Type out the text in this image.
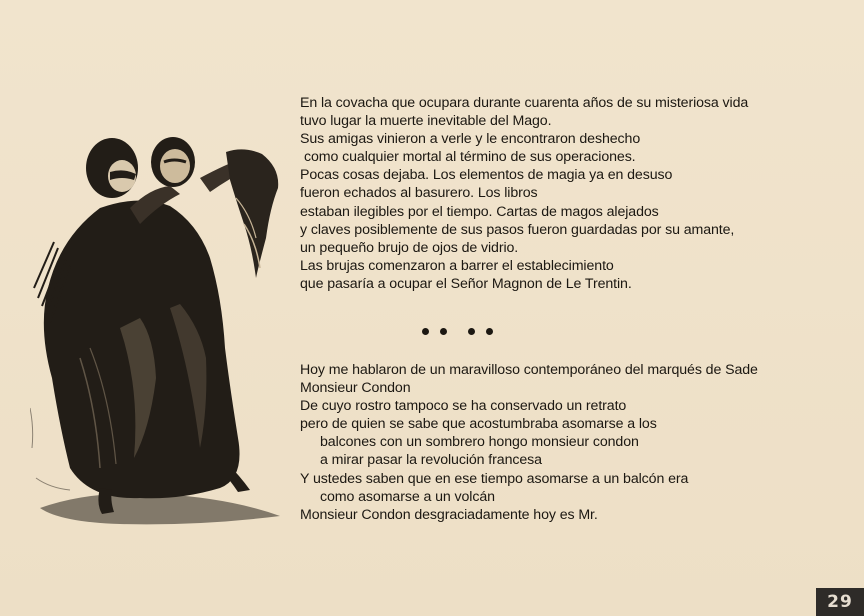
En la covacha que ocupara durante cuarenta años de su misteriosa vida
tuvo lugar la muerte inevitable del Mago.
Sus amigas vinieron a verle y le encontraron deshecho
como cualquier mortal al término de sus operaciones.
Pocas cosas dejaba. Los elementos de magia ya en desuso
fueron echados al basurero. Los libros
estaban ilegibles por el tiempo. Cartas de magos alejados
y claves posiblemente de sus pasos fueron guardadas por su amante,
un pequeño brujo de ojos de vidrio.
Las brujas comenzaron a barrer el establecimiento
que pasaría a ocupar el Señor Magnon de Le Trentin.
Hoy me hablaron de un maravilloso contemporáneo del marqués de Sade
Monsieur Condon
De cuyo rostro tampoco se ha conservado un retrato
pero de quien se sabe que acostumbraba asomarse a los
balcones con un sombrero hongo monsieur condon
a mirar pasar la revolución francesa
Y ustedes saben que en ese tiempo asomarse a un balcón era
como asomarse a un volcán
Monsieur Condon desgraciadamente hoy es Mr.
29
